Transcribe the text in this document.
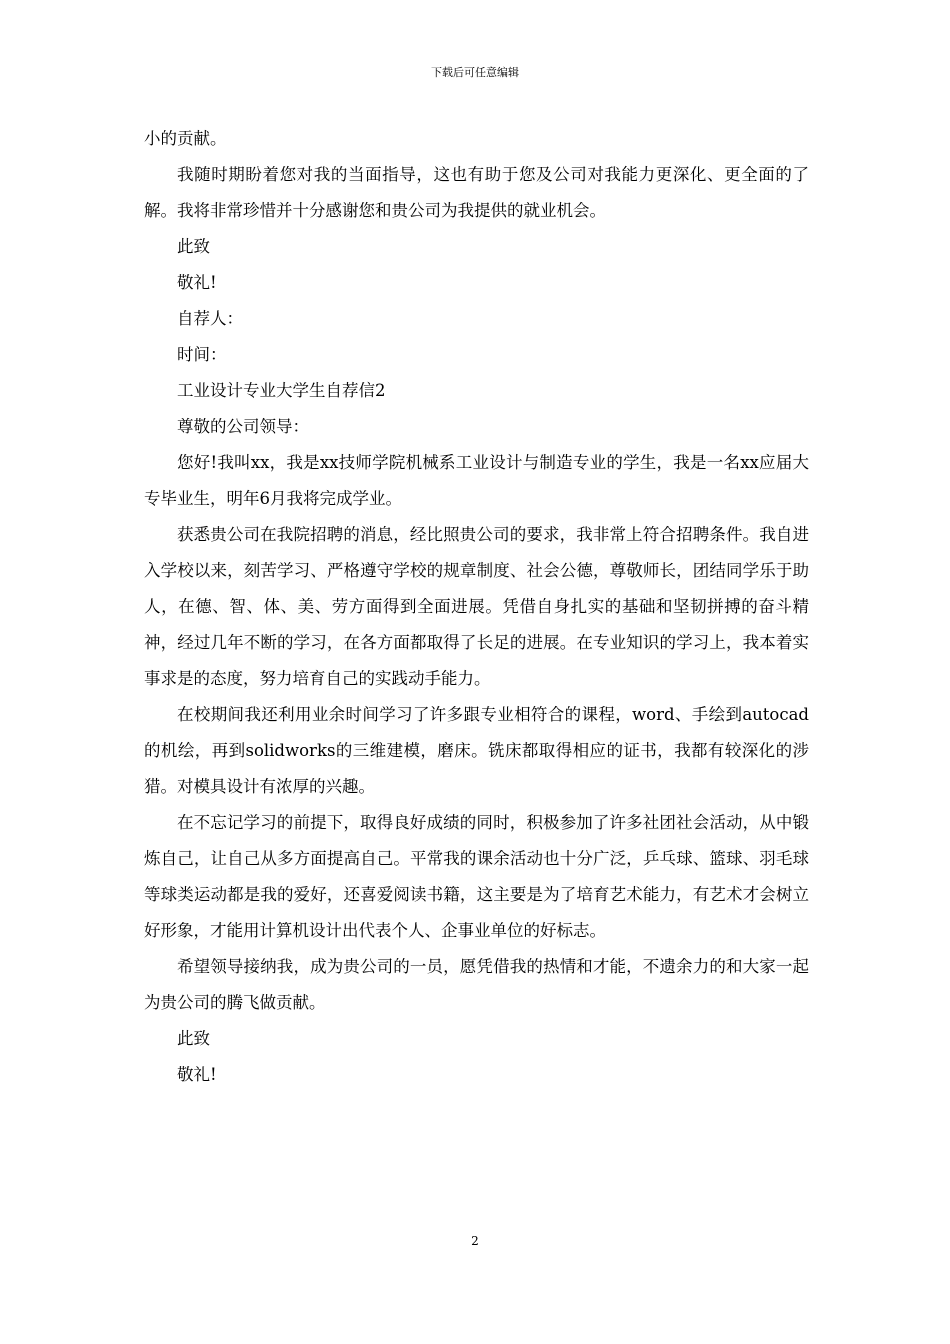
下载后可任意编辑

小的贡献。

我随时期盼着您对我的当面指导，这也有助于您及公司对我能力更深化、更全面的了解。我将非常珍惜并十分感谢您和贵公司为我提供的就业机会。

此致

敬礼!

自荐人：

时间：

工业设计专业大学生自荐信2

尊敬的公司领导：

您好!我叫xx，我是xx技师学院机械系工业设计与制造专业的学生，我是一名xx应届大专毕业生，明年6月我将完成学业。

获悉贵公司在我院招聘的消息，经比照贵公司的要求，我非常上符合招聘条件。我自进入学校以来，刻苦学习、严格遵守学校的规章制度、社会公德，尊敬师长，团结同学乐于助人，在德、智、体、美、劳方面得到全面进展。凭借自身扎实的基础和坚韧拼搏的奋斗精神，经过几年不断的学习，在各方面都取得了长足的进展。在专业知识的学习上，我本着实事求是的态度，努力培育自己的实践动手能力。

在校期间我还利用业余时间学习了许多跟专业相符合的课程，word、手绘到autocad的机绘，再到solidworks的三维建模，磨床。铣床都取得相应的证书，我都有较深化的涉猎。对模具设计有浓厚的兴趣。

在不忘记学习的前提下，取得良好成绩的同时，积极参加了许多社团社会活动，从中锻炼自己，让自己从多方面提高自己。平常我的课余活动也十分广泛，乒乓球、篮球、羽毛球等球类运动都是我的爱好，还喜爱阅读书籍，这主要是为了培育艺术能力，有艺术才会树立好形象，才能用计算机设计出代表个人、企事业单位的好标志。

希望领导接纳我，成为贵公司的一员，愿凭借我的热情和才能，不遗余力的和大家一起为贵公司的腾飞做贡献。

此致

敬礼!

2
